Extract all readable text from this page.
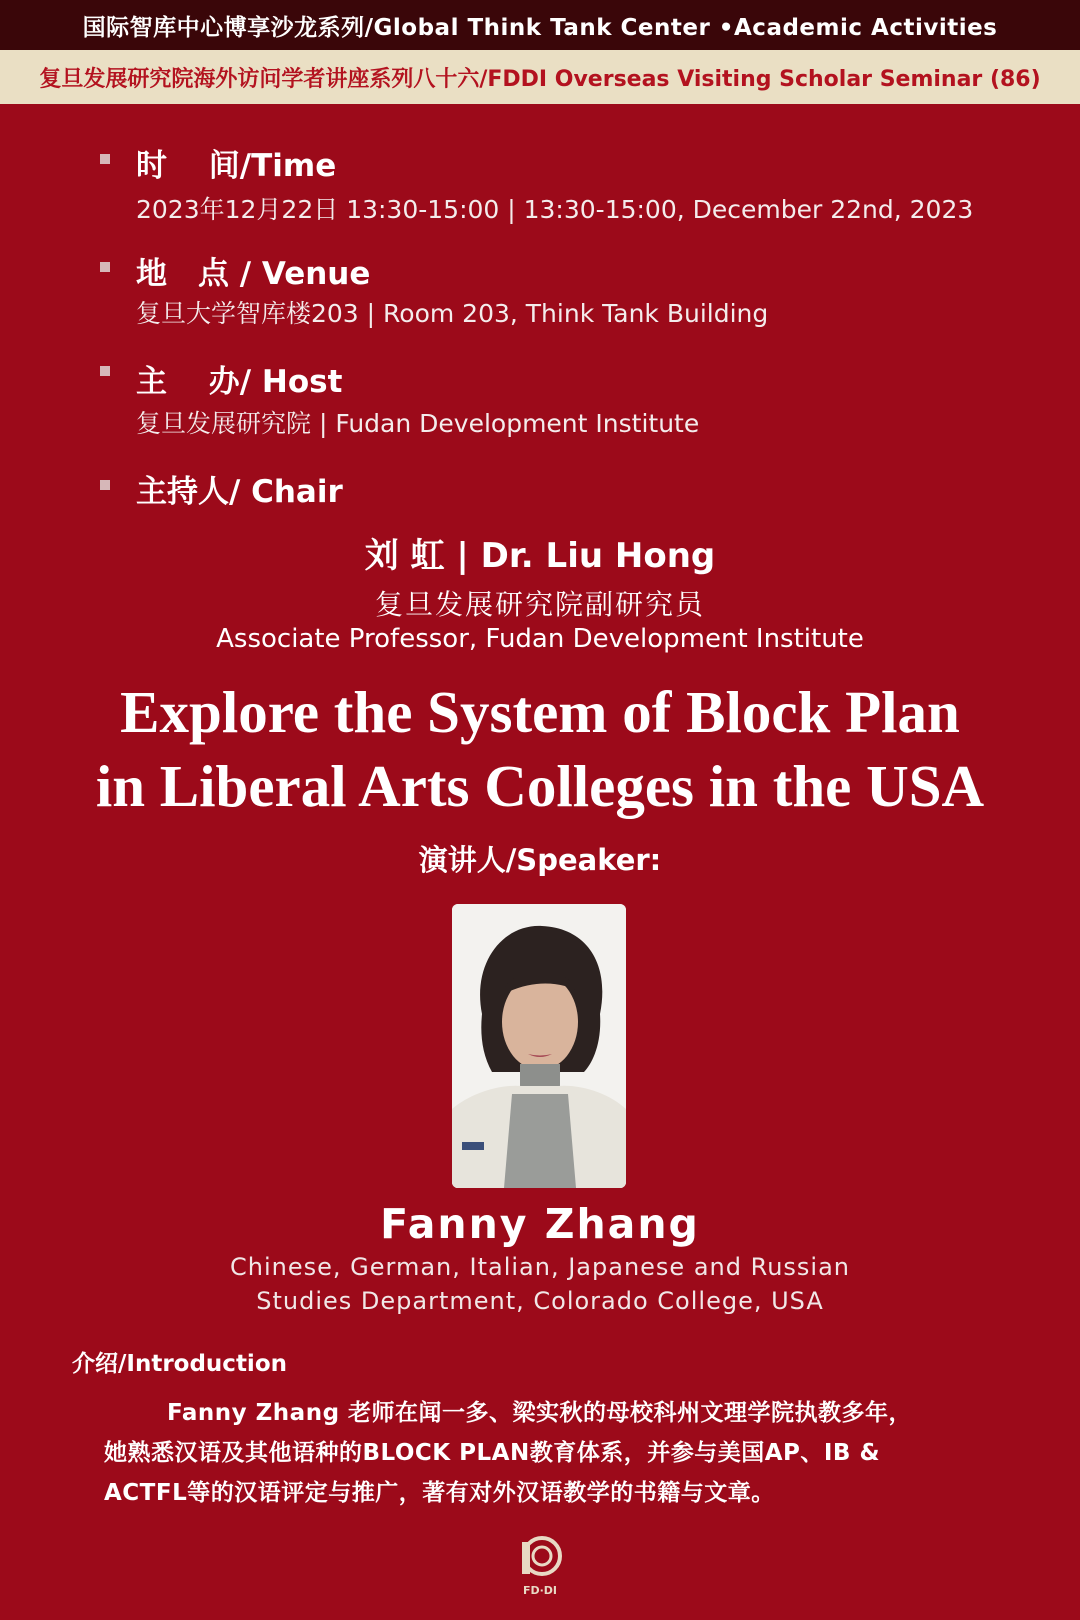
国际智库中心博享沙龙系列/Global Think Tank Center •Academic Activities
复旦发展研究院海外访问学者讲座系列八十六/FDDI Overseas Visiting Scholar Seminar (86)
时　 间/Time
2023年12月22日 13:30-15:00 | 13:30-15:00, December 22nd, 2023
地　点 / Venue
复旦大学智库楼203 | Room 203, Think Tank Building
主　 办/ Host
复旦发展研究院 | Fudan Development Institute
主持人/ Chair
刘 虹 | Dr. Liu Hong
复旦发展研究院副研究员
Associate Professor, Fudan Development Institute
Explore the System of Block Plan
in Liberal Arts Colleges in the USA
演讲人/Speaker:
Fanny Zhang
Chinese, German, Italian, Japanese and Russian
Studies Department, Colorado College, USA
介绍/Introduction
Fanny Zhang 老师在闻一多、梁实秋的母校科州文理学院执教多年，
她熟悉汉语及其他语种的BLOCK PLAN教育体系，并参与美国AP、IB &
ACTFL等的汉语评定与推广，著有对外汉语教学的书籍与文章。
FD·DI
